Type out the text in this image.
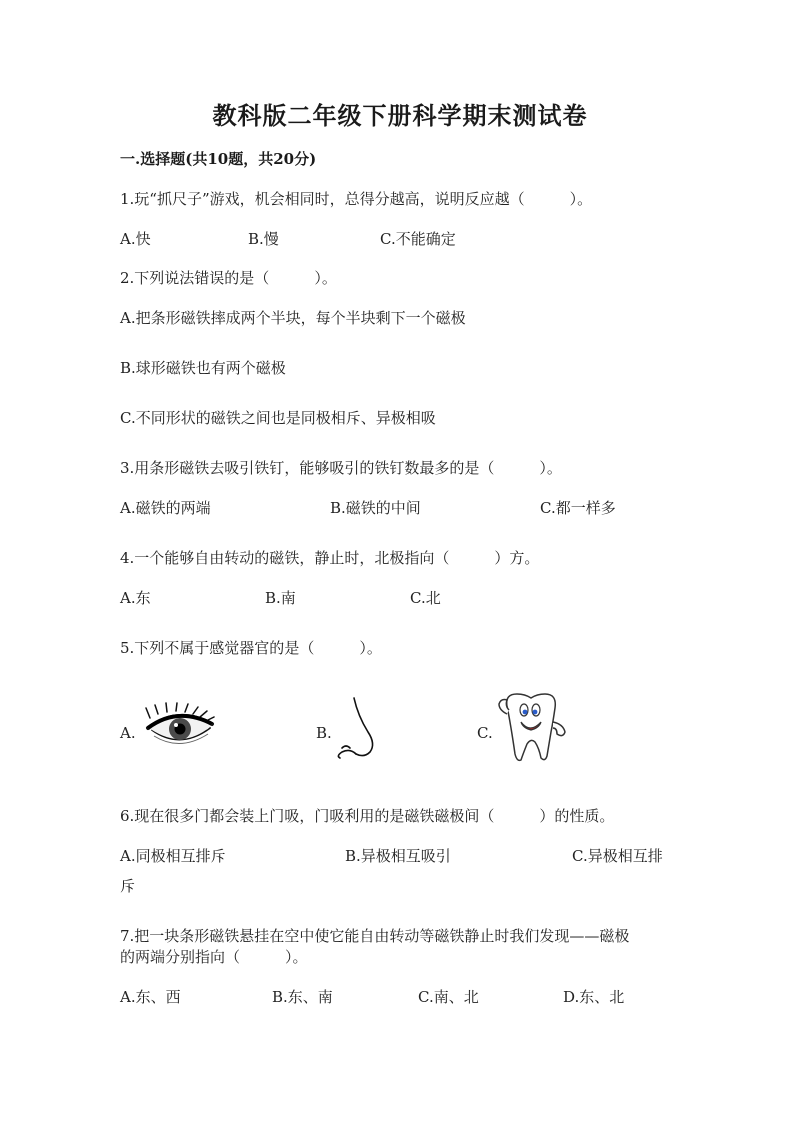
教科版二年级下册科学期末测试卷
一.选择题(共10题，共20分)
1.玩“抓尺子”游戏，机会相同时，总得分越高，说明反应越（　　　）。
A.快	B.慢	C.不能确定
2.下列说法错误的是（　　　）。
A.把条形磁铁摔成两个半块，每个半块剩下一个磁极
B.球形磁铁也有两个磁极
C.不同形状的磁铁之间也是同极相斥、异极相吸
3.用条形磁铁去吸引铁钉，能够吸引的铁钉数最多的是（　　　）。
A.磁铁的两端	B.磁铁的中间	C.都一样多
4.一个能够自由转动的磁铁，静止时，北极指向（　　　）方。
A.东	B.南	C.北
5.下列不属于感觉器官的是（　　　）。
A.	B.	C.
6.现在很多门都会装上门吸，门吸利用的是磁铁磁极间（　　　）的性质。
A.同极相互排斥	B.异极相互吸引	C.异极相互排
斥
7.把一块条形磁铁悬挂在空中使它能自由转动等磁铁静止时我们发现——磁极
的两端分别指向（　　　）。
A.东、西	B.东、南	C.南、北	D.东、北
